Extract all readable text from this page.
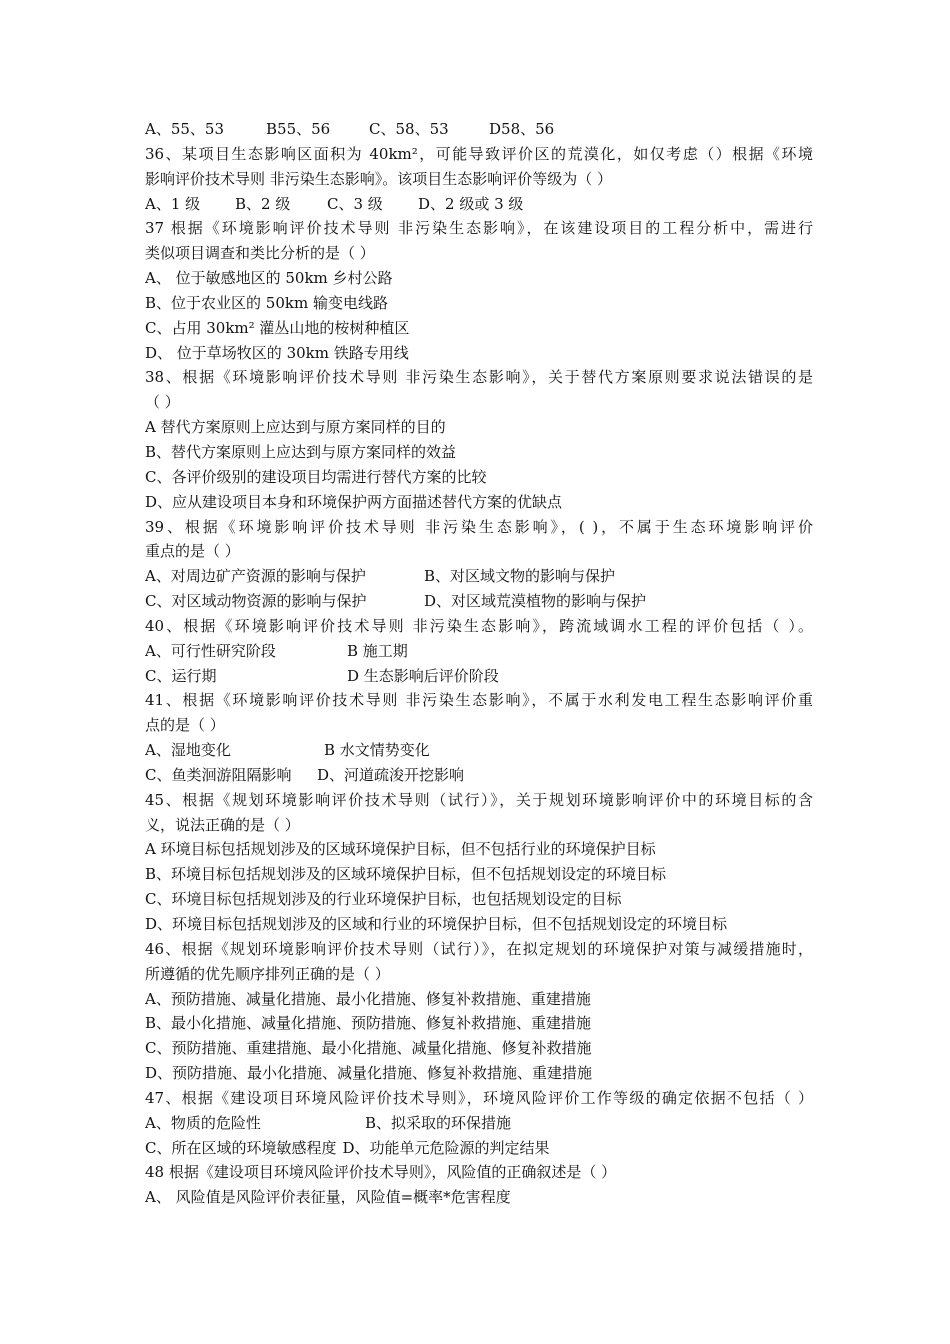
A、55、53	B55、56	C、58、53	D58、56
36、某项目生态影响区面积为 40km²，可能导致评价区的荒漠化，如仅考虑（）根据《环境
影响评价技术导则 非污染生态影响》。该项目生态影响评价等级为（ ）
A、1 级 B、2 级 C、3 级 D、2 级或 3 级
37 根据《环境影响评价技术导则 非污染生态影响》，在该建设项目的工程分析中，需进行
类似项目调查和类比分析的是（ ）
A、 位于敏感地区的 50km 乡村公路
B、位于农业区的 50km 输变电线路
C、占用 30km² 灌丛山地的桉树种植区
D、 位于草场牧区的 30km 铁路专用线
38、根据《环境影响评价技术导则 非污染生态影响》，关于替代方案原则要求说法错误的是
（ ）
A 替代方案原则上应达到与原方案同样的目的
B、替代方案原则上应达到与原方案同样的效益
C、各评价级别的建设项目均需进行替代方案的比较
D、应从建设项目本身和环境保护两方面描述替代方案的优缺点
39、根据《环境影响评价技术导则 非污染生态影响》，( )，不属于生态环境影响评价
重点的是（ ）
A、对周边矿产资源的影响与保护	B、对区域文物的影响与保护
C、对区域动物资源的影响与保护	D、对区域荒漠植物的影响与保护
40、根据《环境影响评价技术导则 非污染生态影响》，跨流域调水工程的评价包括（ ）。
A、可行性研究阶段	B 施工期
C、运行期	D 生态影响后评价阶段
41、根据《环境影响评价技术导则 非污染生态影响》，不属于水利发电工程生态影响评价重
点的是（ ）
A、湿地变化	B 水文情势变化
C、鱼类洄游阻隔影响 D、河道疏浚开挖影响
45、根据《规划环境影响评价技术导则（试行）》，关于规划环境影响评价中的环境目标的含
义，说法正确的是（ ）
A 环境目标包括规划涉及的区域环境保护目标，但不包括行业的环境保护目标
B、环境目标包括规划涉及的区域环境保护目标，但不包括规划设定的环境目标
C、环境目标包括规划涉及的行业环境保护目标，也包括规划设定的目标
D、环境目标包括规划涉及的区域和行业的环境保护目标，但不包括规划设定的环境目标
46、根据《规划环境影响评价技术导则（试行）》，在拟定规划的环境保护对策与减缓措施时，
所遵循的优先顺序排列正确的是（ ）
A、预防措施、减量化措施、最小化措施、修复补救措施、重建措施
B、最小化措施、减量化措施、预防措施、修复补救措施、重建措施
C、预防措施、重建措施、最小化措施、减量化措施、修复补救措施
D、预防措施、最小化措施、减量化措施、修复补救措施、重建措施
47、根据《建设项目环境风险评价技术导则》，环境风险评价工作等级的确定依据不包括（ ）
A、物质的危险性	B、拟采取的环保措施
C、所在区域的环境敏感程度 D、功能单元危险源的判定结果
48 根据《建设项目环境风险评价技术导则》，风险值的正确叙述是（ ）
A、 风险值是风险评价表征量，风险值=概率*危害程度
